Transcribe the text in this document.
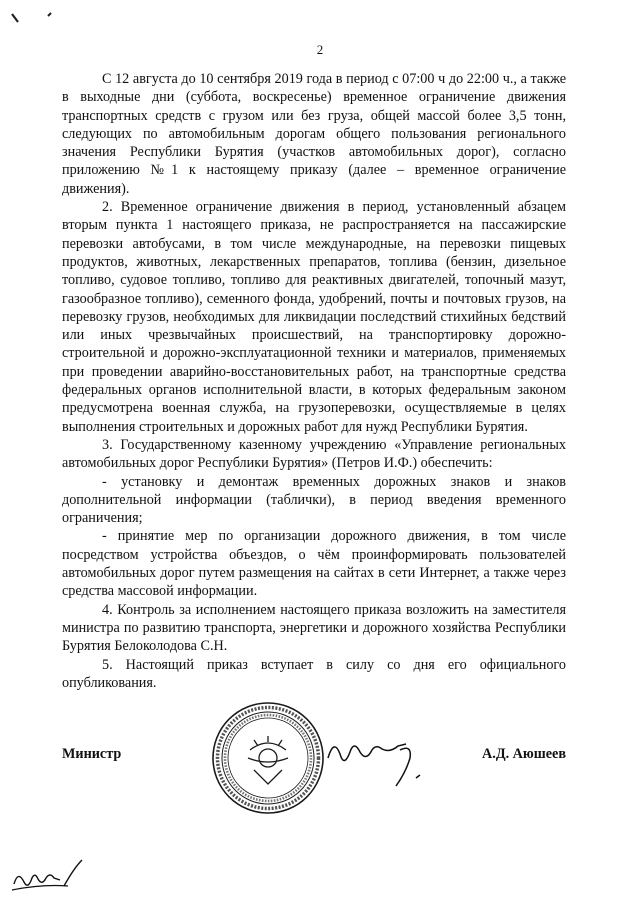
2

С 12 августа до 10 сентября 2019 года в период с 07:00 ч до 22:00 ч., а также в выходные дни (суббота, воскресенье) временное ограничение движения транспортных средств с грузом или без груза, общей массой более 3,5 тонн, следующих по автомобильным дорогам общего пользования регионального значения Республики Бурятия (участков автомобильных дорог), согласно приложению №1 к настоящему приказу (далее – временное ограничение движения).

2. Временное ограничение движения в период, установленный абзацем вторым пункта 1 настоящего приказа, не распространяется на пассажирские перевозки автобусами, в том числе международные, на перевозки пищевых продуктов, животных, лекарственных препаратов, топлива (бензин, дизельное топливо, судовое топливо, топливо для реактивных двигателей, топочный мазут, газообразное топливо), семенного фонда, удобрений, почты и почтовых грузов, на перевозку грузов, необходимых для ликвидации последствий стихийных бедствий или иных чрезвычайных происшествий, на транспортировку дорожно-строительной и дорожно-эксплуатационной техники и материалов, применяемых при проведении аварийно-восстановительных работ, на транспортные средства федеральных органов исполнительной власти, в которых федеральным законом предусмотрена военная служба, на грузоперевозки, осуществляемые в целях выполнения строительных и дорожных работ для нужд Республики Бурятия.

3. Государственному казенному учреждению «Управление региональных автомобильных дорог Республики Бурятия» (Петров И.Ф.) обеспечить:

- установку и демонтаж временных дорожных знаков и знаков дополнительной информации (таблички), в период введения временного ограничения;

- принятие мер по организации дорожного движения, в том числе посредством устройства объездов, о чём проинформировать пользователей автомобильных дорог путем размещения на сайтах в сети Интернет, а также через средства массовой информации.

4. Контроль за исполнением настоящего приказа возложить на заместителя министра по развитию транспорта, энергетики и дорожного хозяйства Республики Бурятия Белоколодова С.Н.

5. Настоящий приказ вступает в силу со дня его официального опубликования.

Министр	А.Д. Аюшеев
